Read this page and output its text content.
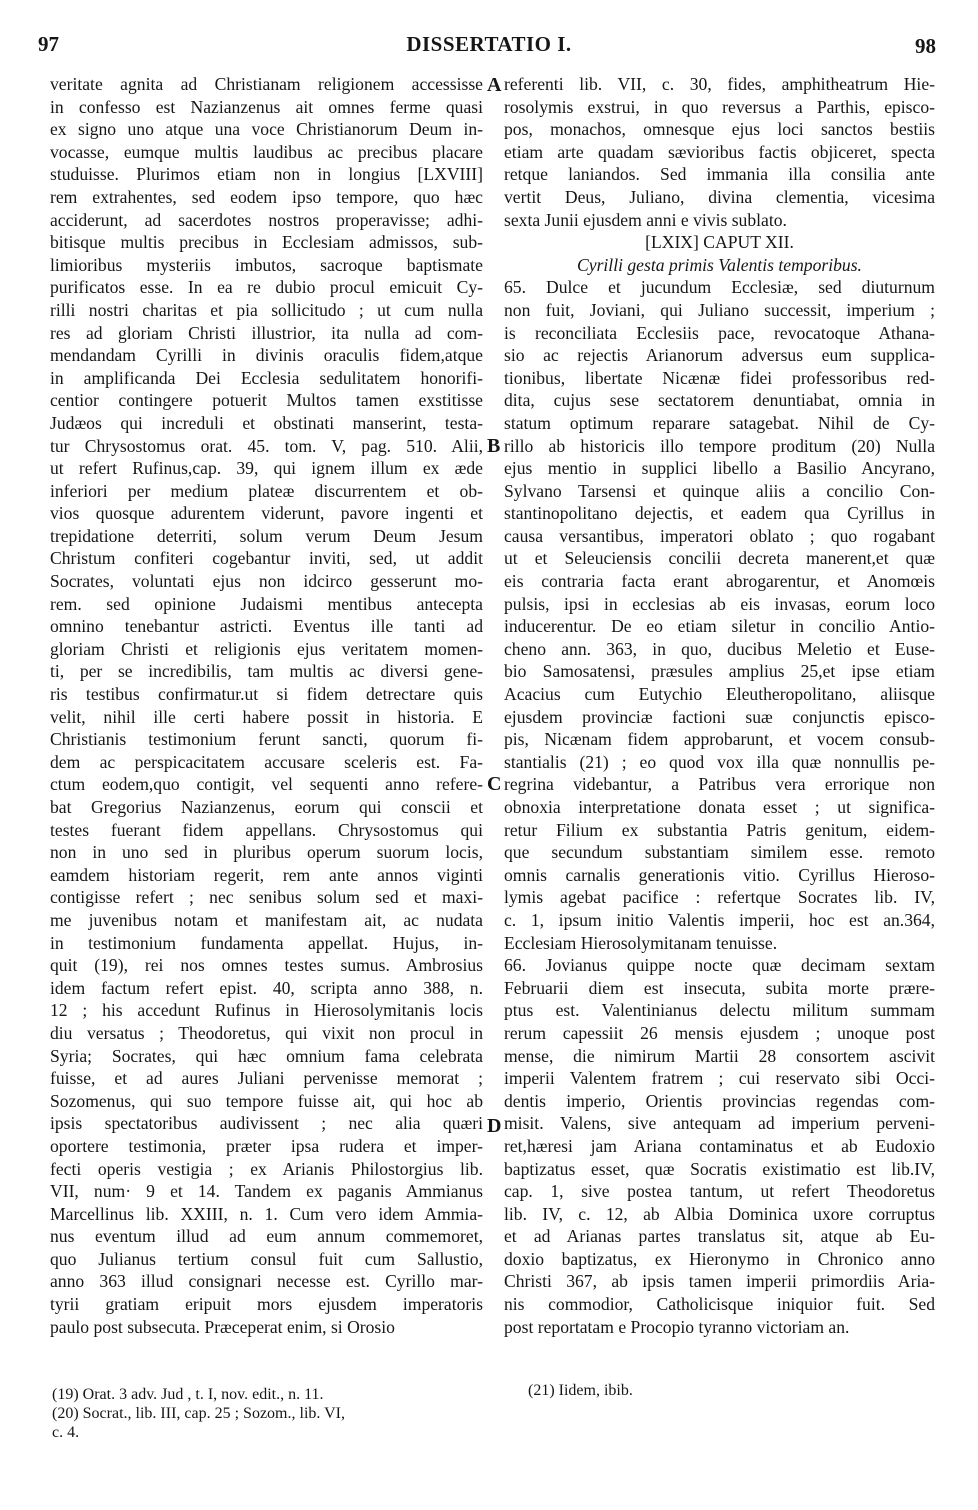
97	DISSERTATIO I.	98
veritate agnita ad Christianam religionem accessisse
in confesso est Nazianzenus ait omnes ferme quasi
ex signo uno atque una voce Christianorum Deum in-
vocasse, eumque multis laudibus ac precibus placare
studuisse. Plurimos etiam non in longius [LXVIII]
rem extrahentes, sed eodem ipso tempore, quo hæc
acciderunt, ad sacerdotes nostros properavisse; adhi-
bitisque multis precibus in Ecclesiam admissos, sub-
limioribus mysteriis imbutos, sacroque baptismate
purificatos esse. In ea re dubio procul emicuit Cy-
rilli nostri charitas et pia sollicitudo ; ut cum nulla
res ad gloriam Christi illustrior, ita nulla ad com-
mendandam Cyrilli in divinis oraculis fidem,atque
in amplificanda Dei Ecclesia sedulitatem honorifi-
centior contingere potuerit Multos tamen exstitisse
Judæos qui increduli et obstinati manserint, testa-
tur Chrysostomus orat. 45. tom. V, pag. 510. Alii,
ut refert Rufinus,cap. 39, qui ignem illum ex æde
inferiori per medium plateæ discurrentem et ob-
vios quosque adurentem viderunt, pavore ingenti et
trepidatione deterriti, solum verum Deum Jesum
Christum confiteri cogebantur inviti, sed, ut addit
Socrates, voluntati ejus non idcirco gesserunt mo-
rem. sed opinione Judaismi mentibus antecepta
omnino tenebantur astricti. Eventus ille tanti ad
gloriam Christi et religionis ejus veritatem momen-
ti, per se incredibilis, tam multis ac diversi gene-
ris testibus confirmatur.ut si fidem detrectare quis
velit, nihil ille certi habere possit in historia. E
Christianis testimonium ferunt sancti, quorum fi-
dem ac perspicacitatem accusare sceleris est. Fa-
ctum eodem,quo contigit, vel sequenti anno refere-
bat Gregorius Nazianzenus, eorum qui conscii et
testes fuerant fidem appellans. Chrysostomus qui
non in uno sed in pluribus operum suorum locis,
eamdem historiam regerit, rem ante annos viginti
contigisse refert ; nec senibus solum sed et maxi-
me juvenibus notam et manifestam ait, ac nudata
in testimonium fundamenta appellat. Hujus, in-
quit (19), rei nos omnes testes sumus. Ambrosius
idem factum refert epist. 40, scripta anno 388, n.
12 ; his accedunt Rufinus in Hierosolymitanis locis
diu versatus ; Theodoretus, qui vixit non procul in
Syria; Socrates, qui hæc omnium fama celebrata
fuisse, et ad aures Juliani pervenisse memorat ;
Sozomenus, qui suo tempore fuisse ait, qui hoc ab
ipsis spectatoribus audivissent ; nec alia quæri
oportere testimonia, præter ipsa rudera et imper-
fecti operis vestigia ; ex Arianis Philostorgius lib.
VII, num· 9 et 14. Tandem ex paganis Ammianus
Marcellinus lib. XXIII, n. 1. Cum vero idem Ammia-
nus eventum illud ad eum annum commemoret,
quo Julianus tertium consul fuit cum Sallustio,
anno 363 illud consignari necesse est. Cyrillo mar-
tyrii gratiam eripuit mors ejusdem imperatoris
paulo post subsecuta. Præceperat enim, si Orosio
referenti lib. VII, c. 30, fides, amphitheatrum Hie-
rosolymis exstrui, in quo reversus a Parthis, episco-
pos, monachos, omnesque ejus loci sanctos bestiis
etiam arte quadam sævioribus factis objiceret, specta
retque laniandos. Sed immania illa consilia ante
vertit Deus, Juliano, divina clementia, vicesima
sexta Junii ejusdem anni e vivis sublato.
[LXIX] CAPUT XII.
Cyrilli gesta primis Valentis temporibus.
65. Dulce et jucundum Ecclesiæ, sed diuturnum
non fuit, Joviani, qui Juliano successit, imperium ;
is reconciliata Ecclesiis pace, revocatoque Athana-
sio ac rejectis Arianorum adversus eum supplica-
tionibus, libertate Nicænæ fidei professoribus red-
dita, cujus sese sectatorem denuntiabat, omnia in
statum optimum reparare satagebat. Nihil de Cy-
rillo ab historicis illo tempore proditum (20) Nulla
ejus mentio in supplici libello a Basilio Ancyrano,
Sylvano Tarsensi et quinque aliis a concilio Con-
stantinopolitano dejectis, et eadem qua Cyrillus in
causa versantibus, imperatori oblato ; quo rogabant
ut et Seleuciensis concilii decreta manerent,et quæ
eis contraria facta erant abrogarentur, et Anomœis
pulsis, ipsi in ecclesias ab eis invasas, eorum loco
inducerentur. De eo etiam siletur in concilio Antio-
cheno ann. 363, in quo, ducibus Meletio et Euse-
bio Samosatensi, præsules amplius 25,et ipse etiam
Acacius cum Eutychio Eleutheropolitano, aliisque
ejusdem provinciæ factioni suæ conjunctis episco-
pis, Nicænam fidem approbarunt, et vocem consub-
stantialis (21) ; eo quod vox illa quæ nonnullis pe-
regrina videbantur, a Patribus vera errorique non
obnoxia interpretatione donata esset ; ut significa-
retur Filium ex substantia Patris genitum, eidem-
que secundum substantiam similem esse. remoto
omnis carnalis generationis vitio. Cyrillus Hieroso-
lymis agebat pacifice : refertque Socrates lib. IV,
c. 1, ipsum initio Valentis imperii, hoc est an.364,
Ecclesiam Hierosolymitanam tenuisse.
66. Jovianus quippe nocte quæ decimam sextam
Februarii diem est insecuta, subita morte prære-
ptus est. Valentinianus delectu militum summam
rerum capessiit 26 mensis ejusdem ; unoque post
mense, die nimirum Martii 28 consortem ascivit
imperii Valentem fratrem ; cui reservato sibi Occi-
dentis imperio, Orientis provincias regendas com-
misit. Valens, sive antequam ad imperium perveni-
ret,hæresi jam Ariana contaminatus et ab Eudoxio
baptizatus esset, quæ Socratis existimatio est lib.IV,
cap. 1, sive postea tantum, ut refert Theodoretus
lib. IV, c. 12, ab Albia Dominica uxore corruptus
et ad Arianas partes translatus sit, atque ab Eu-
doxio baptizatus, ex Hieronymo in Chronico anno
Christi 367, ab ipsis tamen imperii primordiis Aria-
nis commodior, Catholicisque iniquior fuit. Sed
post reportatam e Procopio tyranno victoriam an.
A
B
C
D
(19) Orat. 3 adv. Jud , t. I, nov. edit., n. 11.
(20) Socrat., lib. III, cap. 25 ; Sozom., lib. VI,
c. 4.
(21) Iidem, ibib.
